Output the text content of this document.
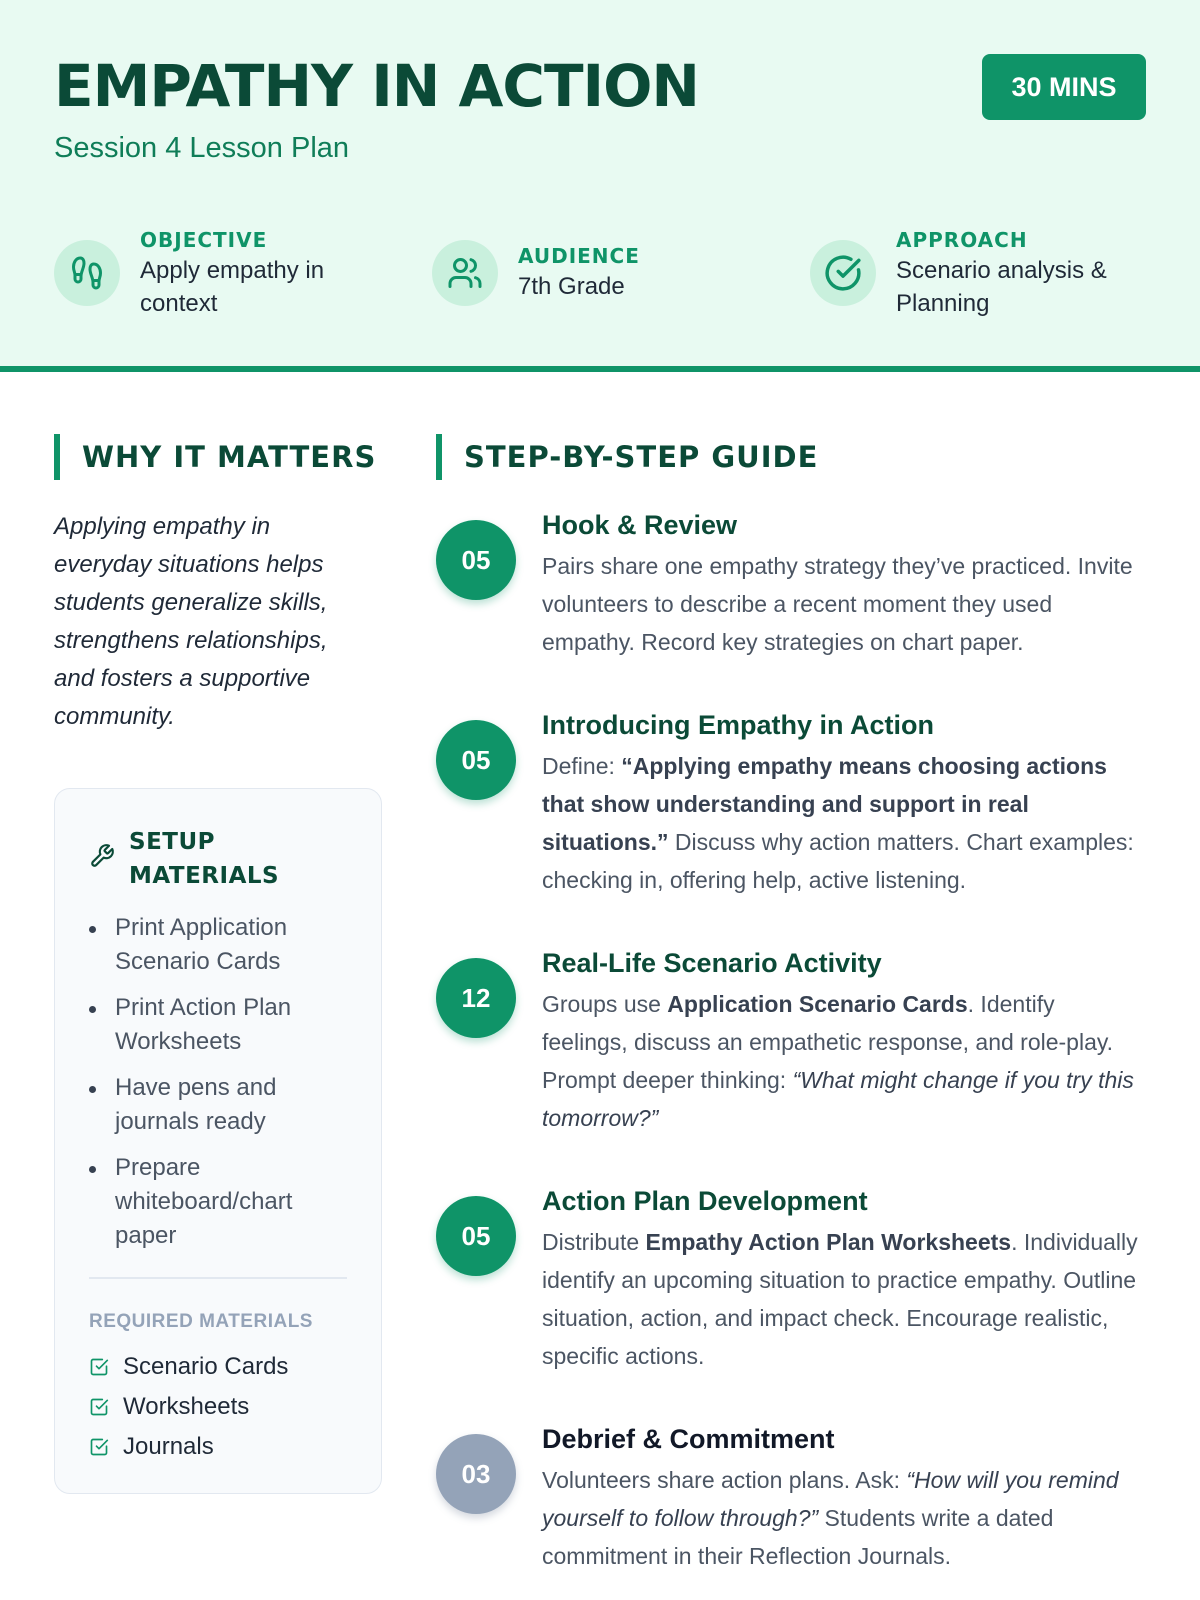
EMPATHY IN ACTION
Session 4 Lesson Plan
30 MINS
OBJECTIVE
Apply empathy in context
AUDIENCE
7th Grade
APPROACH
Scenario analysis & Planning
WHY IT MATTERS
Applying empathy in everyday situations helps students generalize skills, strengthens relationships, and fosters a supportive community.
SETUP MATERIALS
Print Application Scenario Cards
Print Action Plan Worksheets
Have pens and journals ready
Prepare whiteboard/chart paper
REQUIRED MATERIALS
Scenario Cards
Worksheets
Journals
STEP-BY-STEP GUIDE
05
Hook & Review
Pairs share one empathy strategy they’ve practiced. Invite volunteers to describe a recent moment they used empathy. Record key strategies on chart paper.
05
Introducing Empathy in Action
Define: “Applying empathy means choosing actions that show understanding and support in real situations.” Discuss why action matters. Chart examples: checking in, offering help, active listening.
12
Real-Life Scenario Activity
Groups use Application Scenario Cards. Identify feelings, discuss an empathetic response, and role-play. Prompt deeper thinking: “What might change if you try this tomorrow?”
05
Action Plan Development
Distribute Empathy Action Plan Worksheets. Individually identify an upcoming situation to practice empathy. Outline situation, action, and impact check. Encourage realistic, specific actions.
03
Debrief & Commitment
Volunteers share action plans. Ask: “How will you remind yourself to follow through?” Students write a dated commitment in their Reflection Journals.
